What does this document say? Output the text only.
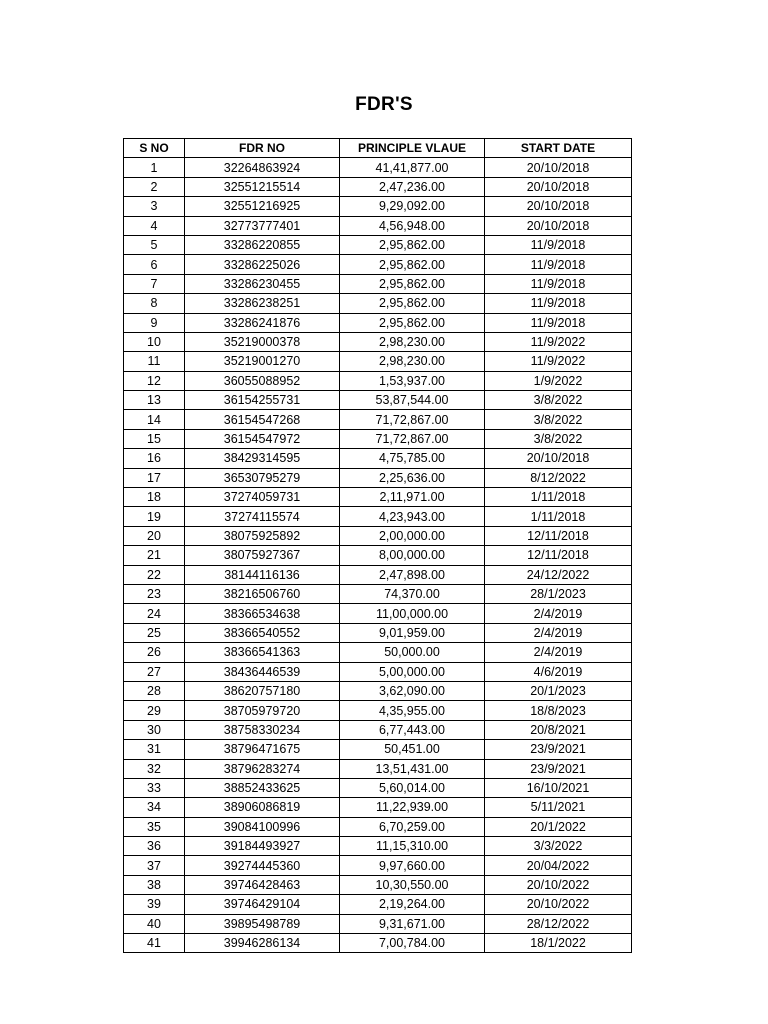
FDR'S
S NO	FDR NO	PRINCIPLE VLAUE	START DATE
1	32264863924	41,41,877.00	20/10/2018
2	32551215514	2,47,236.00	20/10/2018
3	32551216925	9,29,092.00	20/10/2018
4	32773777401	4,56,948.00	20/10/2018
5	33286220855	2,95,862.00	11/9/2018
6	33286225026	2,95,862.00	11/9/2018
7	33286230455	2,95,862.00	11/9/2018
8	33286238251	2,95,862.00	11/9/2018
9	33286241876	2,95,862.00	11/9/2018
10	35219000378	2,98,230.00	11/9/2022
11	35219001270	2,98,230.00	11/9/2022
12	36055088952	1,53,937.00	1/9/2022
13	36154255731	53,87,544.00	3/8/2022
14	36154547268	71,72,867.00	3/8/2022
15	36154547972	71,72,867.00	3/8/2022
16	38429314595	4,75,785.00	20/10/2018
17	36530795279	2,25,636.00	8/12/2022
18	37274059731	2,11,971.00	1/11/2018
19	37274115574	4,23,943.00	1/11/2018
20	38075925892	2,00,000.00	12/11/2018
21	38075927367	8,00,000.00	12/11/2018
22	38144116136	2,47,898.00	24/12/2022
23	38216506760	74,370.00	28/1/2023
24	38366534638	11,00,000.00	2/4/2019
25	38366540552	9,01,959.00	2/4/2019
26	38366541363	50,000.00	2/4/2019
27	38436446539	5,00,000.00	4/6/2019
28	38620757180	3,62,090.00	20/1/2023
29	38705979720	4,35,955.00	18/8/2023
30	38758330234	6,77,443.00	20/8/2021
31	38796471675	50,451.00	23/9/2021
32	38796283274	13,51,431.00	23/9/2021
33	38852433625	5,60,014.00	16/10/2021
34	38906086819	11,22,939.00	5/11/2021
35	39084100996	6,70,259.00	20/1/2022
36	39184493927	11,15,310.00	3/3/2022
37	39274445360	9,97,660.00	20/04/2022
38	39746428463	10,30,550.00	20/10/2022
39	39746429104	2,19,264.00	20/10/2022
40	39895498789	9,31,671.00	28/12/2022
41	39946286134	7,00,784.00	18/1/2022
